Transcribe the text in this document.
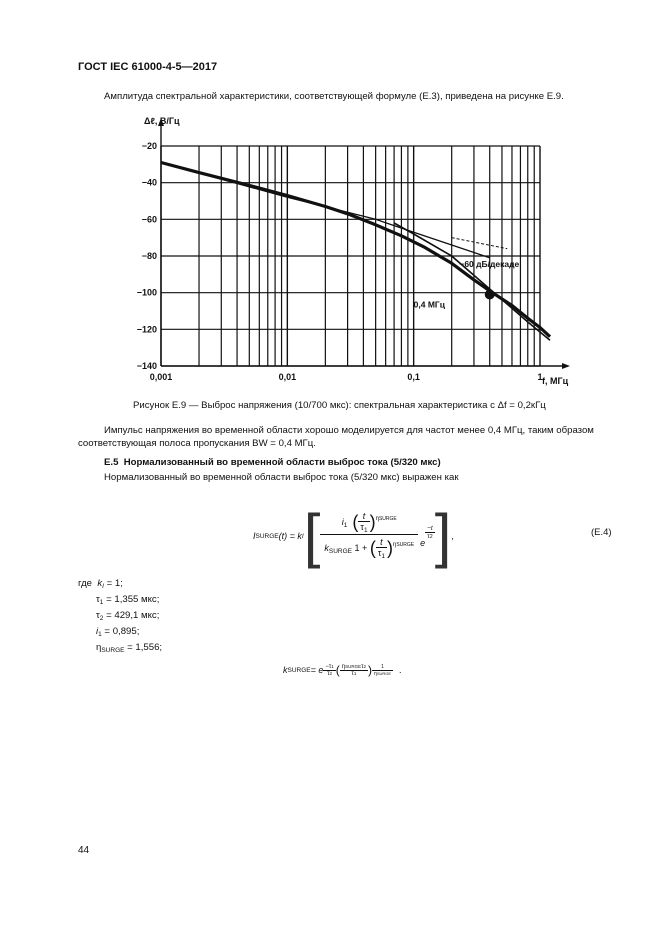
ГОСТ IEC 61000-4-5—2017
Амплитуда спектральной характеристики, соответствующей формуле (E.3), приведена на рисунке E.9.
0,001	0,01	0,1	1
−20
−40
−60
−80
−100
−120
−140
Δℓ, В/Гц
f, МГц
−60 дБ/декаде
0,4 МГц
Рисунок E.9 — Выброс напряжения (10/700 мкс): спектральная характеристика с Δf = 0,2кГц
Импульс напряжения во временной области хорошо моделируется для частот менее 0,4 МГц, таким образом соответствующая полоса пропускания BW = 0,4 МГц.
E.5 Нормализованный во временной области выброс тока (5/320 мкс)
Нормализованный во временной области выброс тока (5/320 мкс) выражен как
I SURGE (t) = k I [ $\frac{i_1 ( \frac{t}{\tau_1} )^{\eta SURGE}}{k_{SURGE} 1 + ( \frac{t}{\tau_1} )^{\eta SURGE}}$ e
$\frac{-t}{\tau 2}$ ] ,	(E.4)
где $k_I = 1$;
$\tau_1 = 1,355$ мкс;
$\tau_2 = 429,1$ мкс;
$i_1 = 0,895$;
$\eta_{SURGE} = 1,556$;
k SURGE = e $\frac{-\tau 1}{\tau 2}$ ( $\frac{\text{ηSURGEτ2}}{\tau 1}$ ) $\frac{1}{\text{ηSURGE}}$ .
44
